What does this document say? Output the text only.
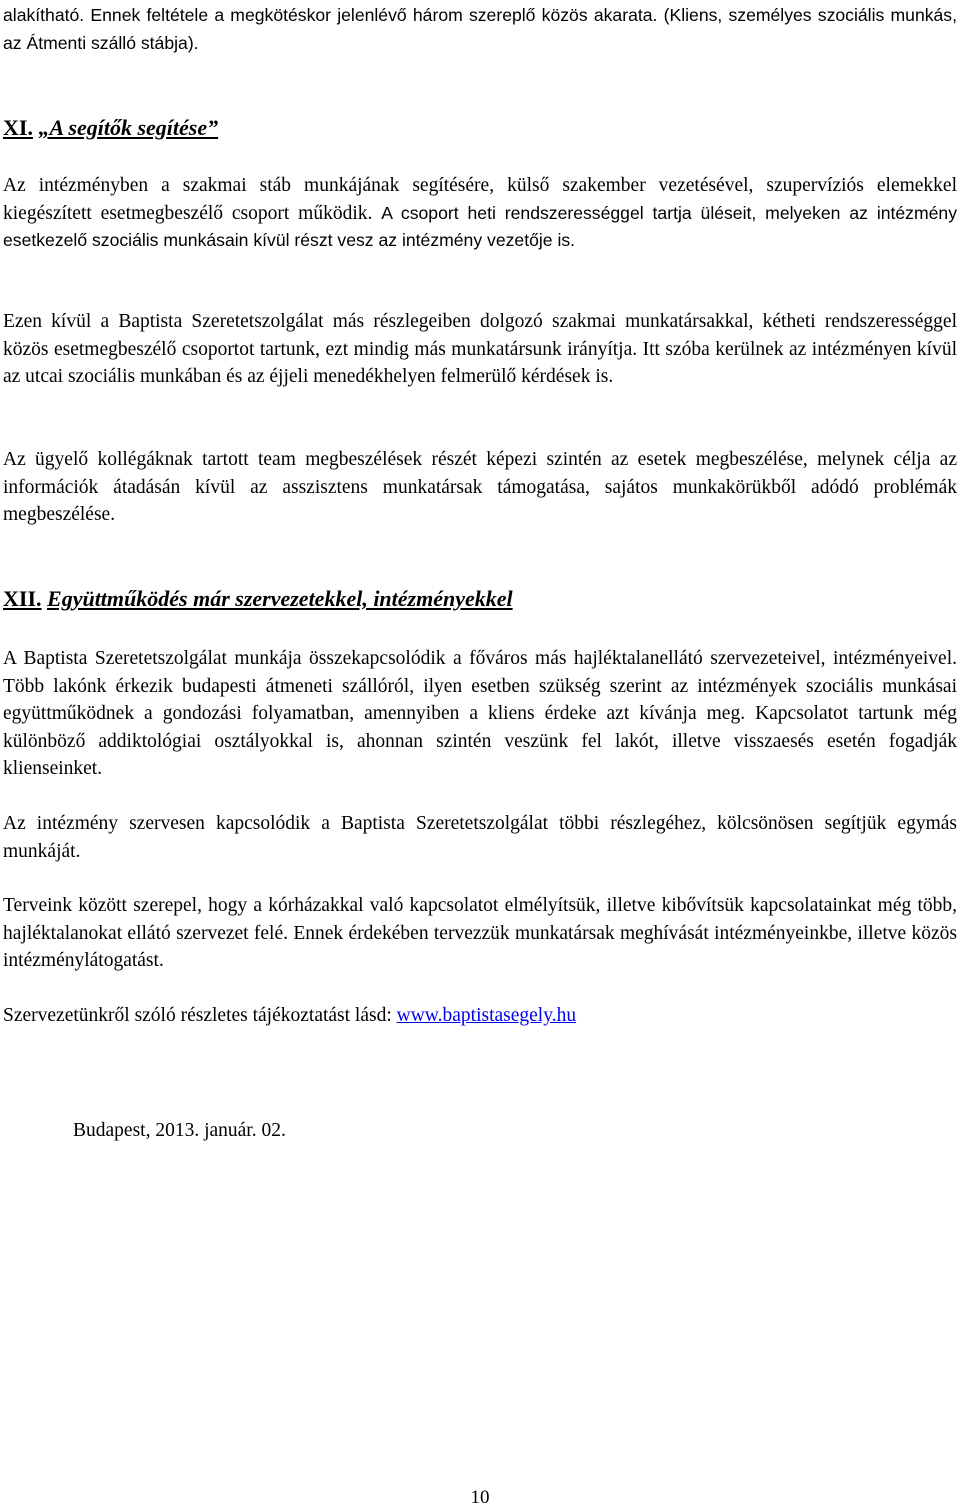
alakítható. Ennek feltétele a megkötéskor jelenlévő három szereplő közös akarata. (Kliens, személyes szociális munkás, az Átmenti szálló stábja).

XI. „A segítők segítése”

Az intézményben a szakmai stáb munkájának segítésére, külső szakember vezetésével, szupervíziós elemekkel kiegészített esetmegbeszélő csoport működik. A csoport heti rendszerességgel tartja üléseit, melyeken az intézmény esetkezelő szociális munkásain kívül részt vesz az intézmény vezetője is.

Ezen kívül a Baptista Szeretetszolgálat más részlegeiben dolgozó szakmai munkatársakkal, kétheti rendszerességgel közös esetmegbeszélő csoportot tartunk, ezt mindig más munkatársunk irányítja. Itt szóba kerülnek az intézményen kívül az utcai szociális munkában és az éjjeli menedékhelyen felmerülő kérdések is.

Az ügyelő kollégáknak tartott team megbeszélések részét képezi szintén az esetek megbeszélése, melynek célja az információk átadásán kívül az asszisztens munkatársak támogatása, sajátos munkakörükből adódó problémák megbeszélése.

XII. Együttműködés már szervezetekkel, intézményekkel

A Baptista Szeretetszolgálat munkája összekapcsolódik a főváros más hajléktalanellátó szervezeteivel, intézményeivel. Több lakónk érkezik budapesti átmeneti szállóról, ilyen esetben szükség szerint az intézmények szociális munkásai együttműködnek a gondozási folyamatban, amennyiben a kliens érdeke azt kívánja meg. Kapcsolatot tartunk még különböző addiktológiai osztályokkal is, ahonnan szintén veszünk fel lakót, illetve visszaesés esetén fogadják klienseinket.

Az intézmény szervesen kapcsolódik a Baptista Szeretetszolgálat többi részlegéhez, kölcsönösen segítjük egymás munkáját.

Terveink között szerepel, hogy a kórházakkal való kapcsolatot elmélyítsük, illetve kibővítsük kapcsolatainkat még több, hajléktalanokat ellátó szervezet felé. Ennek érdekében tervezzük munkatársak meghívását intézményeinkbe, illetve közös intézménylátogatást.

Szervezetünkről szóló részletes tájékoztatást lásd: www.baptistasegely.hu

Budapest, 2013. január. 02.

10
